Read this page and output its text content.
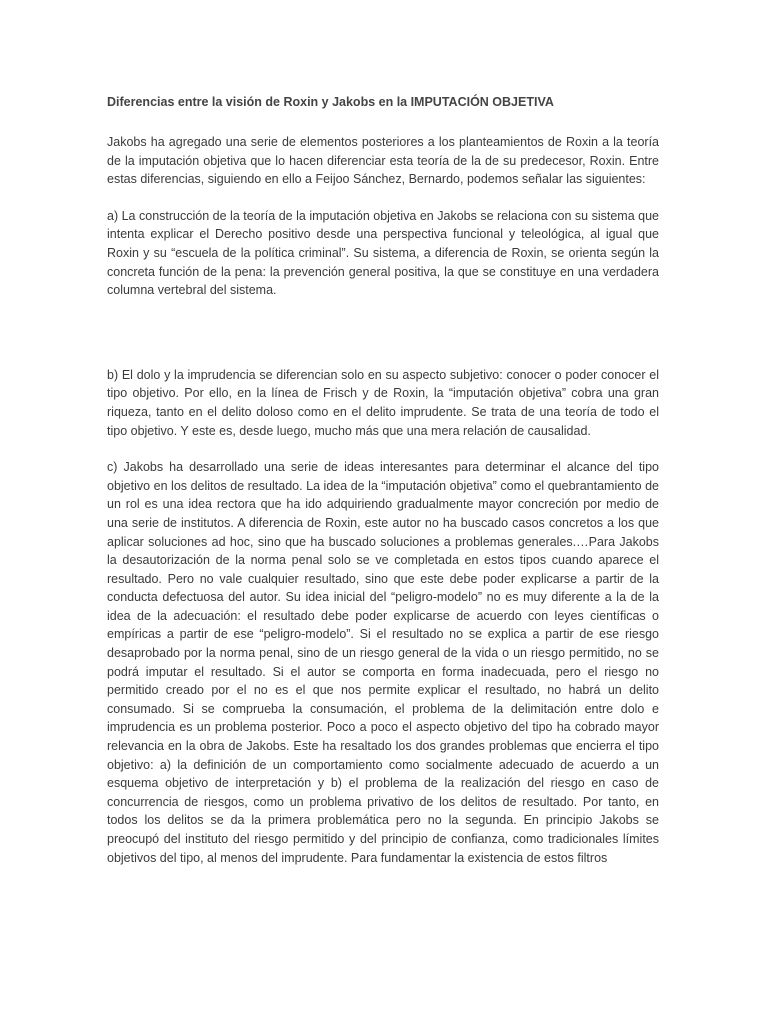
Diferencias entre la visión de Roxin y Jakobs en la IMPUTACIÓN OBJETIVA

Jakobs ha agregado una serie de elementos posteriores a los planteamientos de Roxin a la teoría de la imputación objetiva que lo hacen diferenciar esta teoría de la de su predecesor, Roxin. Entre estas diferencias, siguiendo en ello a Feijoo Sánchez, Bernardo, podemos señalar las siguientes:

a) La construcción de la teoría de la imputación objetiva en Jakobs se relaciona con su sistema que intenta explicar el Derecho positivo desde una perspectiva funcional y teleológica, al igual que Roxin y su “escuela de la política criminal”. Su sistema, a diferencia de Roxin, se orienta según la concreta función de la pena: la prevención general positiva, la que se constituye en una verdadera columna vertebral del sistema.

b) El dolo y la imprudencia se diferencian solo en su aspecto subjetivo: conocer o poder conocer el tipo objetivo. Por ello, en la línea de Frisch y de Roxin, la “imputación objetiva” cobra una gran riqueza, tanto en el delito doloso como en el delito imprudente. Se trata de una teoría de todo el tipo objetivo. Y este es, desde luego, mucho más que una mera relación de causalidad.

c) Jakobs ha desarrollado una serie de ideas interesantes para determinar el alcance del tipo objetivo en los delitos de resultado. La idea de la “imputación objetiva” como el quebrantamiento de un rol es una idea rectora que ha ido adquiriendo gradualmente mayor concreción por medio de una serie de institutos. A diferencia de Roxin, este autor no ha buscado casos concretos a los que aplicar soluciones ad hoc, sino que ha buscado soluciones a problemas generales.…Para Jakobs la desautorización de la norma penal solo se ve completada en estos tipos cuando aparece el resultado. Pero no vale cualquier resultado, sino que este debe poder explicarse a partir de la conducta defectuosa del autor. Su idea inicial del “peligro-modelo” no es muy diferente a la de la idea de la adecuación: el resultado debe poder explicarse de acuerdo con leyes científicas o empíricas a partir de ese “peligro-modelo”. Si el resultado no se explica a partir de ese riesgo desaprobado por la norma penal, sino de un riesgo general de la vida o un riesgo permitido, no se podrá imputar el resultado. Si el autor se comporta en forma inadecuada, pero el riesgo no permitido creado por el no es el que nos permite explicar el resultado, no habrá un delito consumado. Si se comprueba la consumación, el problema de la delimitación entre dolo e imprudencia es un problema posterior. Poco a poco el aspecto objetivo del tipo ha cobrado mayor relevancia en la obra de Jakobs. Este ha resaltado los dos grandes problemas que encierra el tipo objetivo: a) la definición de un comportamiento como socialmente adecuado de acuerdo a un esquema objetivo de interpretación y b) el problema de la realización del riesgo en caso de concurrencia de riesgos, como un problema privativo de los delitos de resultado. Por tanto, en todos los delitos se da la primera problemática pero no la segunda. En principio Jakobs se preocupó del instituto del riesgo permitido y del principio de confianza, como tradicionales límites objetivos del tipo, al menos del imprudente. Para fundamentar la existencia de estos filtros
